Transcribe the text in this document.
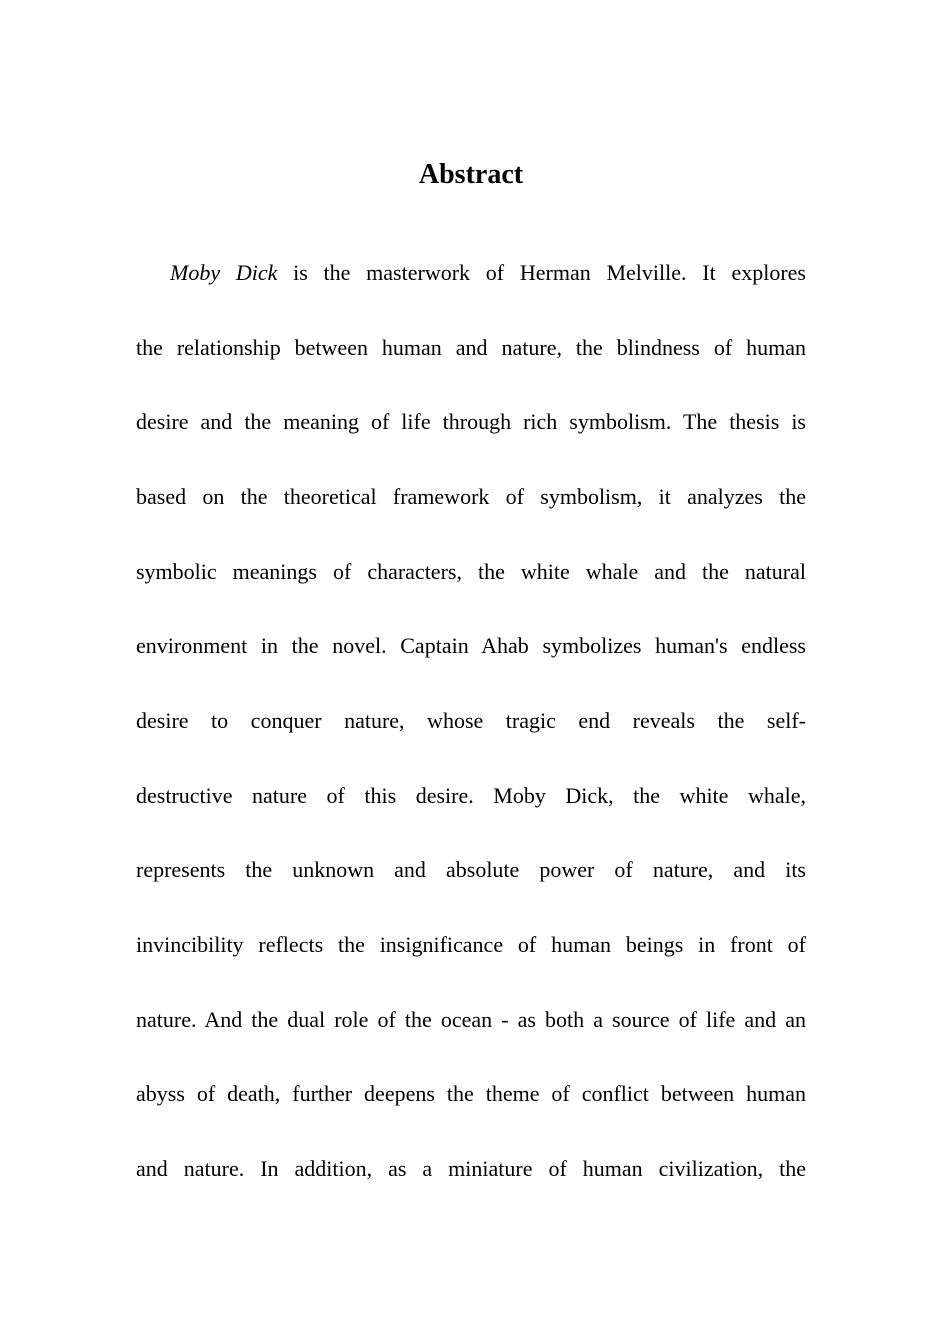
Abstract
Moby Dick is the masterwork of Herman Melville. It explores
the relationship between human and nature, the blindness of human
desire and the meaning of life through rich symbolism. The thesis is
based on the theoretical framework of symbolism, it analyzes the
symbolic meanings of characters, the white whale and the natural
environment in the novel. Captain Ahab symbolizes human's endless
desire to conquer nature, whose tragic end reveals the self-
destructive nature of this desire. Moby Dick, the white whale,
represents the unknown and absolute power of nature, and its
invincibility reflects the insignificance of human beings in front of
nature. And the dual role of the ocean - as both a source of life and an
abyss of death, further deepens the theme of conflict between human
and nature. In addition, as a miniature of human civilization, the
